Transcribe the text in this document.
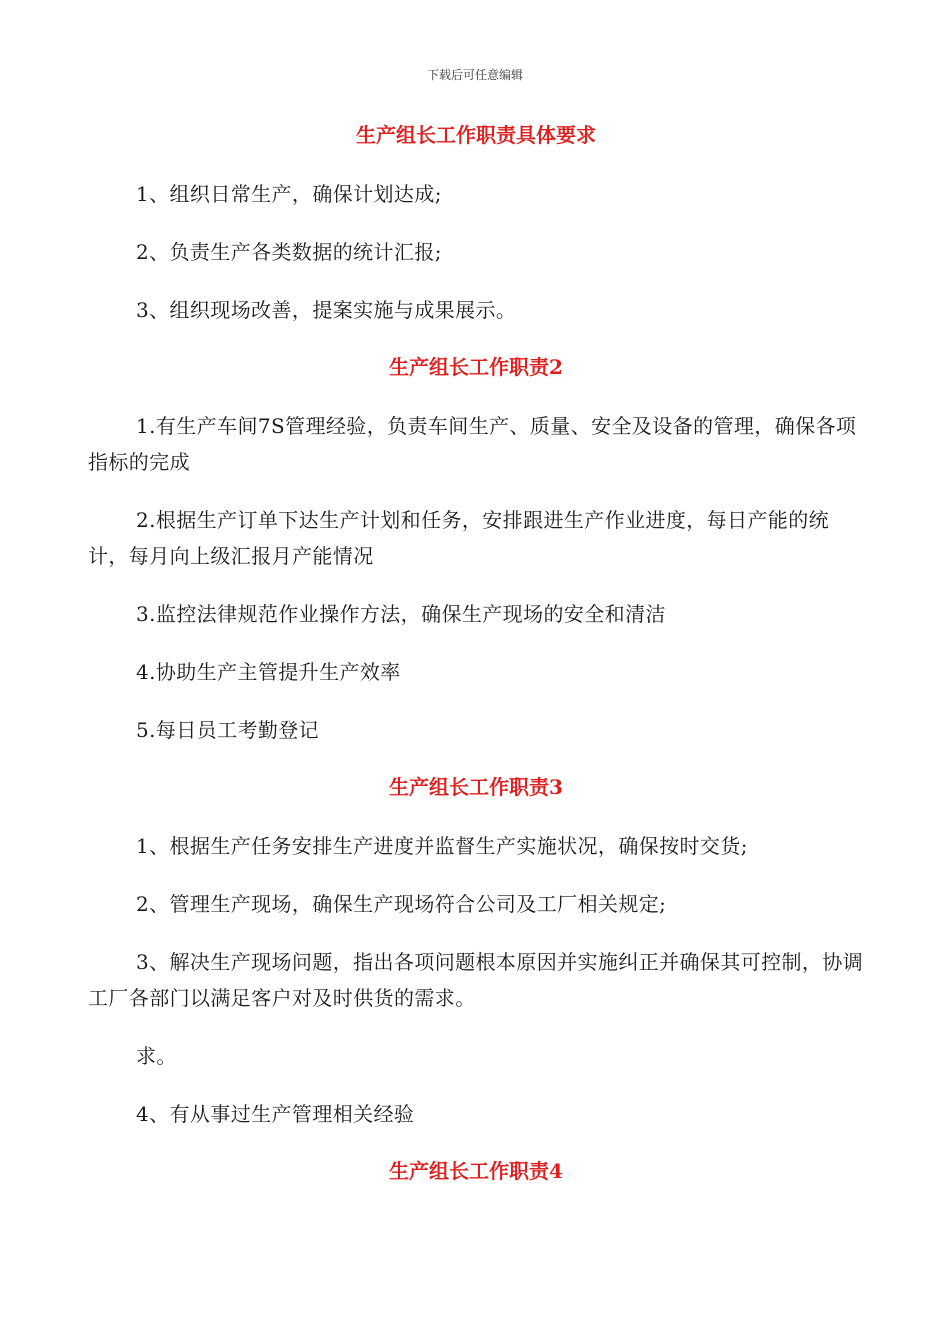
下载后可任意编辑
生产组长工作职责具体要求

1、组织日常生产，确保计划达成;

2、负责生产各类数据的统计汇报;

3、组织现场改善，提案实施与成果展示。

生产组长工作职责2

1.有生产车间7S管理经验，负责车间生产、质量、安全及设备的管理，确保各项指标的完成

2.根据生产订单下达生产计划和任务，安排跟进生产作业进度，每日产能的统计，每月向上级汇报月产能情况

3.监控法律规范作业操作方法，确保生产现场的安全和清洁

4.协助生产主管提升生产效率

5.每日员工考勤登记

生产组长工作职责3

1、根据生产任务安排生产进度并监督生产实施状况，确保按时交货;

2、管理生产现场，确保生产现场符合公司及工厂相关规定;

3、解决生产现场问题，指出各项问题根本原因并实施纠正并确保其可控制，协调工厂各部门以满足客户对及时供货的需求。

求。

4、有从事过生产管理相关经验

生产组长工作职责4
